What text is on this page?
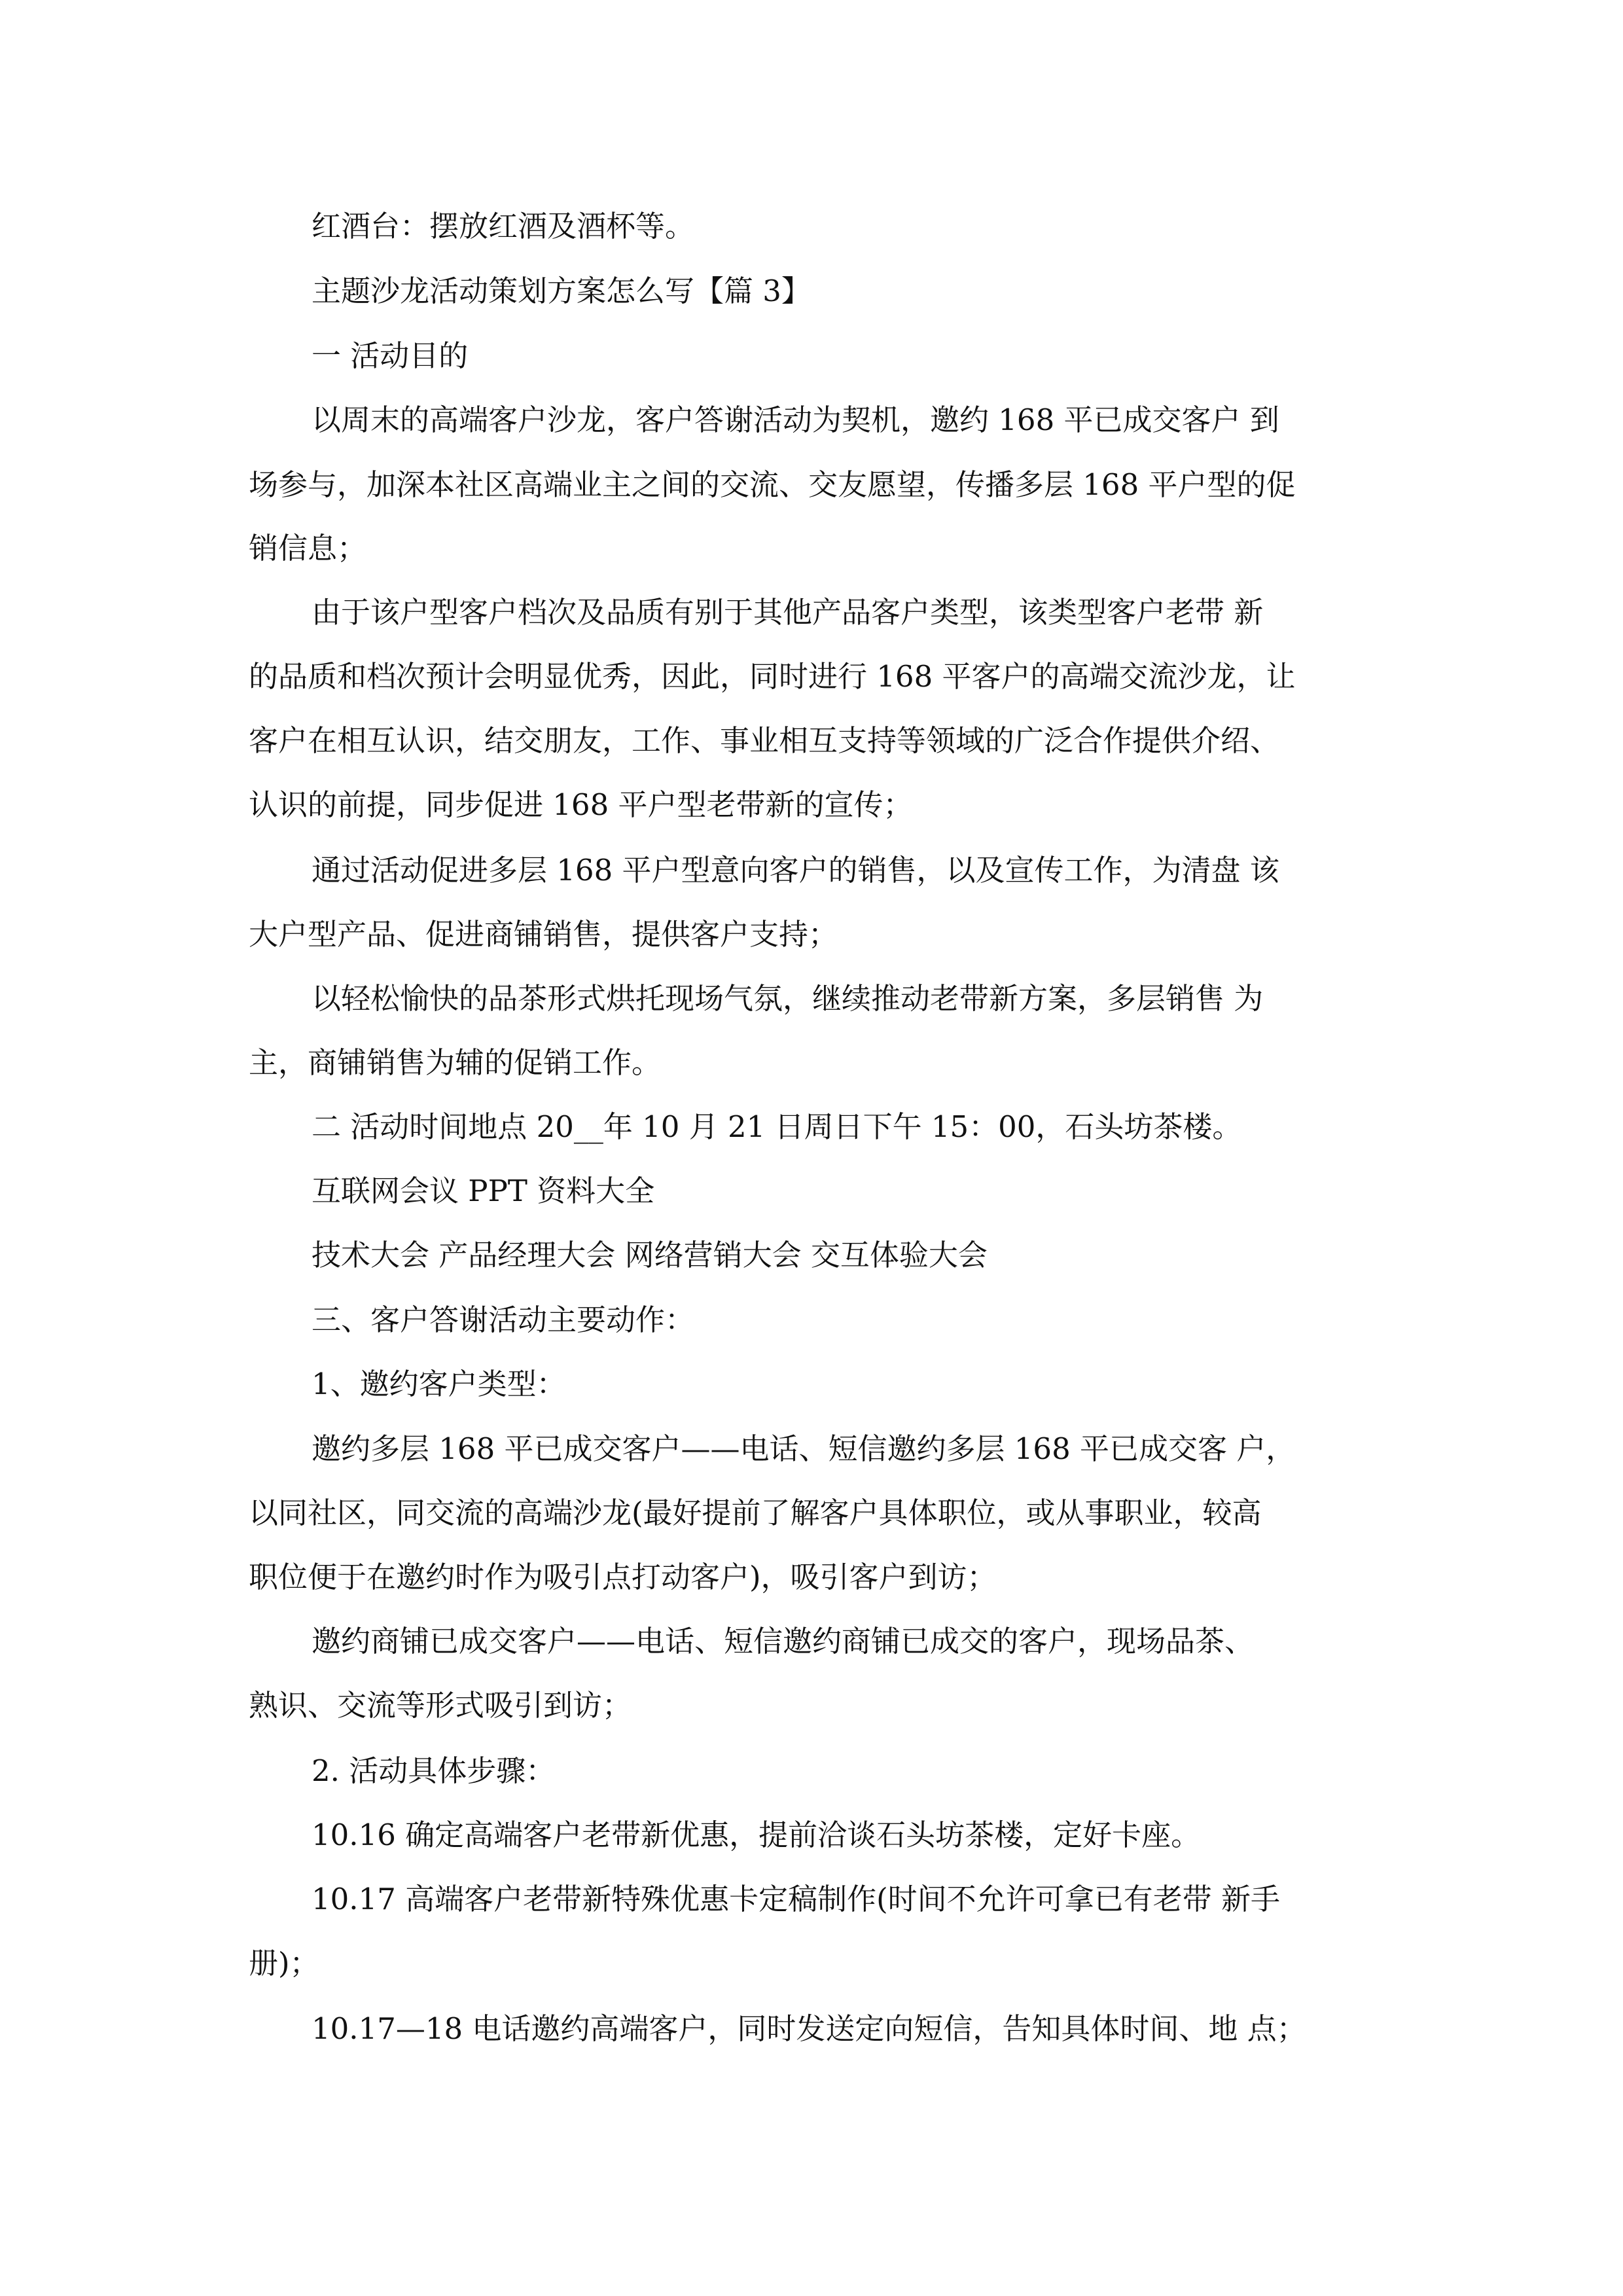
红酒台：摆放红酒及酒杯等。

主题沙龙活动策划方案怎么写【篇 3】

一 活动目的

以周末的高端客户沙龙，客户答谢活动为契机，邀约 168 平已成交客户 到

场参与，加深本社区高端业主之间的交流、交友愿望，传播多层 168 平户型的促

销信息；

由于该户型客户档次及品质有别于其他产品客户类型，该类型客户老带 新

的品质和档次预计会明显优秀，因此，同时进行 168 平客户的高端交流沙龙，让

客户在相互认识，结交朋友，工作、事业相互支持等领域的广泛合作提供介绍、

认识的前提，同步促进 168 平户型老带新的宣传；

通过活动促进多层 168 平户型意向客户的销售，以及宣传工作，为清盘 该

大户型产品、促进商铺销售，提供客户支持；

以轻松愉快的品茶形式烘托现场气氛，继续推动老带新方案，多层销售 为

主，商铺销售为辅的促销工作。

二 活动时间地点 20__年 10 月 21 日周日下午 15：00，石头坊茶楼。

互联网会议 PPT 资料大全

技术大会 产品经理大会 网络营销大会 交互体验大会

三、客户答谢活动主要动作：

1、邀约客户类型：

邀约多层 168 平已成交客户——电话、短信邀约多层 168 平已成交客 户，

以同社区，同交流的高端沙龙(最好提前了解客户具体职位，或从事职业，较高

职位便于在邀约时作为吸引点打动客户)，吸引客户到访；

邀约商铺已成交客户——电话、短信邀约商铺已成交的客户，现场品茶、

熟识、交流等形式吸引到访；

2. 活动具体步骤：

10.16 确定高端客户老带新优惠，提前洽谈石头坊茶楼，定好卡座。

10.17 高端客户老带新特殊优惠卡定稿制作(时间不允许可拿已有老带 新手

册)；

10.17—18 电话邀约高端客户，同时发送定向短信，告知具体时间、地 点；
